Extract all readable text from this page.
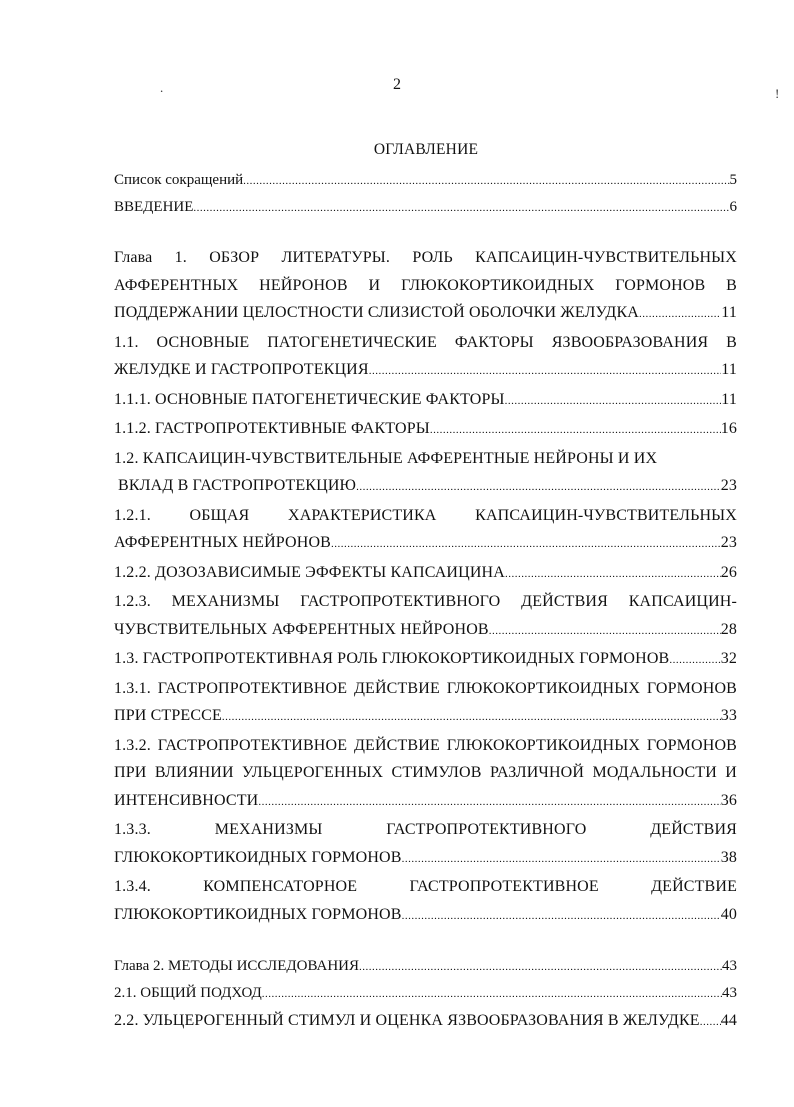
2
.	!
ОГЛАВЛЕНИЕ
Список сокращений .....	5
ВВЕДЕНИЕ .....	6
Глава 1. ОБЗОР ЛИТЕРАТУРЫ. РОЛЬ КАПСАИЦИН-ЧУВСТВИТЕЛЬНЫХ
АФФЕРЕНТНЫХ НЕЙРОНОВ И ГЛЮКОКОРТИКОИДНЫХ ГОРМОНОВ В
ПОДДЕРЖАНИИ ЦЕЛОСТНОСТИ СЛИЗИСТОЙ ОБОЛОЧКИ ЖЕЛУДКА .....	11
1.1. ОСНОВНЫЕ ПАТОГЕНЕТИЧЕСКИЕ ФАКТОРЫ ЯЗВООБРАЗОВАНИЯ В
ЖЕЛУДКЕ И ГАСТРОПРОТЕКЦИЯ .....	11
1.1.1. ОСНОВНЫЕ ПАТОГЕНЕТИЧЕСКИЕ ФАКТОРЫ .....	11
1.1.2. ГАСТРОПРОТЕКТИВНЫЕ ФАКТОРЫ .....	16
1.2. КАПСАИЦИН-ЧУВСТВИТЕЛЬНЫЕ АФФЕРЕНТНЫЕ НЕЙРОНЫ И ИХ
ВКЛАД В ГАСТРОПРОТЕКЦИЮ .....	23
1.2.1. ОБЩАЯ ХАРАКТЕРИСТИКА КАПСАИЦИН-ЧУВСТВИТЕЛЬНЫХ
АФФЕРЕНТНЫХ НЕЙРОНОВ .....	23
1.2.2. ДОЗОЗАВИСИМЫЕ ЭФФЕКТЫ КАПСАИЦИНА .....	26
1.2.3. МЕХАНИЗМЫ ГАСТРОПРОТЕКТИВНОГО ДЕЙСТВИЯ КАПСАИЦИН-
ЧУВСТВИТЕЛЬНЫХ АФФЕРЕНТНЫХ НЕЙРОНОВ .....	28
1.3. ГАСТРОПРОТЕКТИВНАЯ РОЛЬ ГЛЮКОКОРТИКОИДНЫХ ГОРМОНОВ .....	32
1.3.1. ГАСТРОПРОТЕКТИВНОЕ ДЕЙСТВИЕ ГЛЮКОКОРТИКОИДНЫХ ГОРМОНОВ
ПРИ СТРЕССЕ .....	33
1.3.2. ГАСТРОПРОТЕКТИВНОЕ ДЕЙСТВИЕ ГЛЮКОКОРТИКОИДНЫХ ГОРМОНОВ
ПРИ ВЛИЯНИИ УЛЬЦЕРОГЕННЫХ СТИМУЛОВ РАЗЛИЧНОЙ МОДАЛЬНОСТИ И
ИНТЕНСИВНОСТИ .....	36
1.3.3. МЕХАНИЗМЫ ГАСТРОПРОТЕКТИВНОГО ДЕЙСТВИЯ
ГЛЮКОКОРТИКОИДНЫХ ГОРМОНОВ .....	38
1.3.4. КОМПЕНСАТОРНОЕ ГАСТРОПРОТЕКТИВНОЕ ДЕЙСТВИЕ
ГЛЮКОКОРТИКОИДНЫХ ГОРМОНОВ .....	40
Глава 2. МЕТОДЫ ИССЛЕДОВАНИЯ .....	43
2.1. ОБЩИЙ ПОДХОД .....	43
2.2. УЛЬЦЕРОГЕННЫЙ СТИМУЛ И ОЦЕНКА ЯЗВООБРАЗОВАНИЯ В ЖЕЛУДКЕ ..... 44
